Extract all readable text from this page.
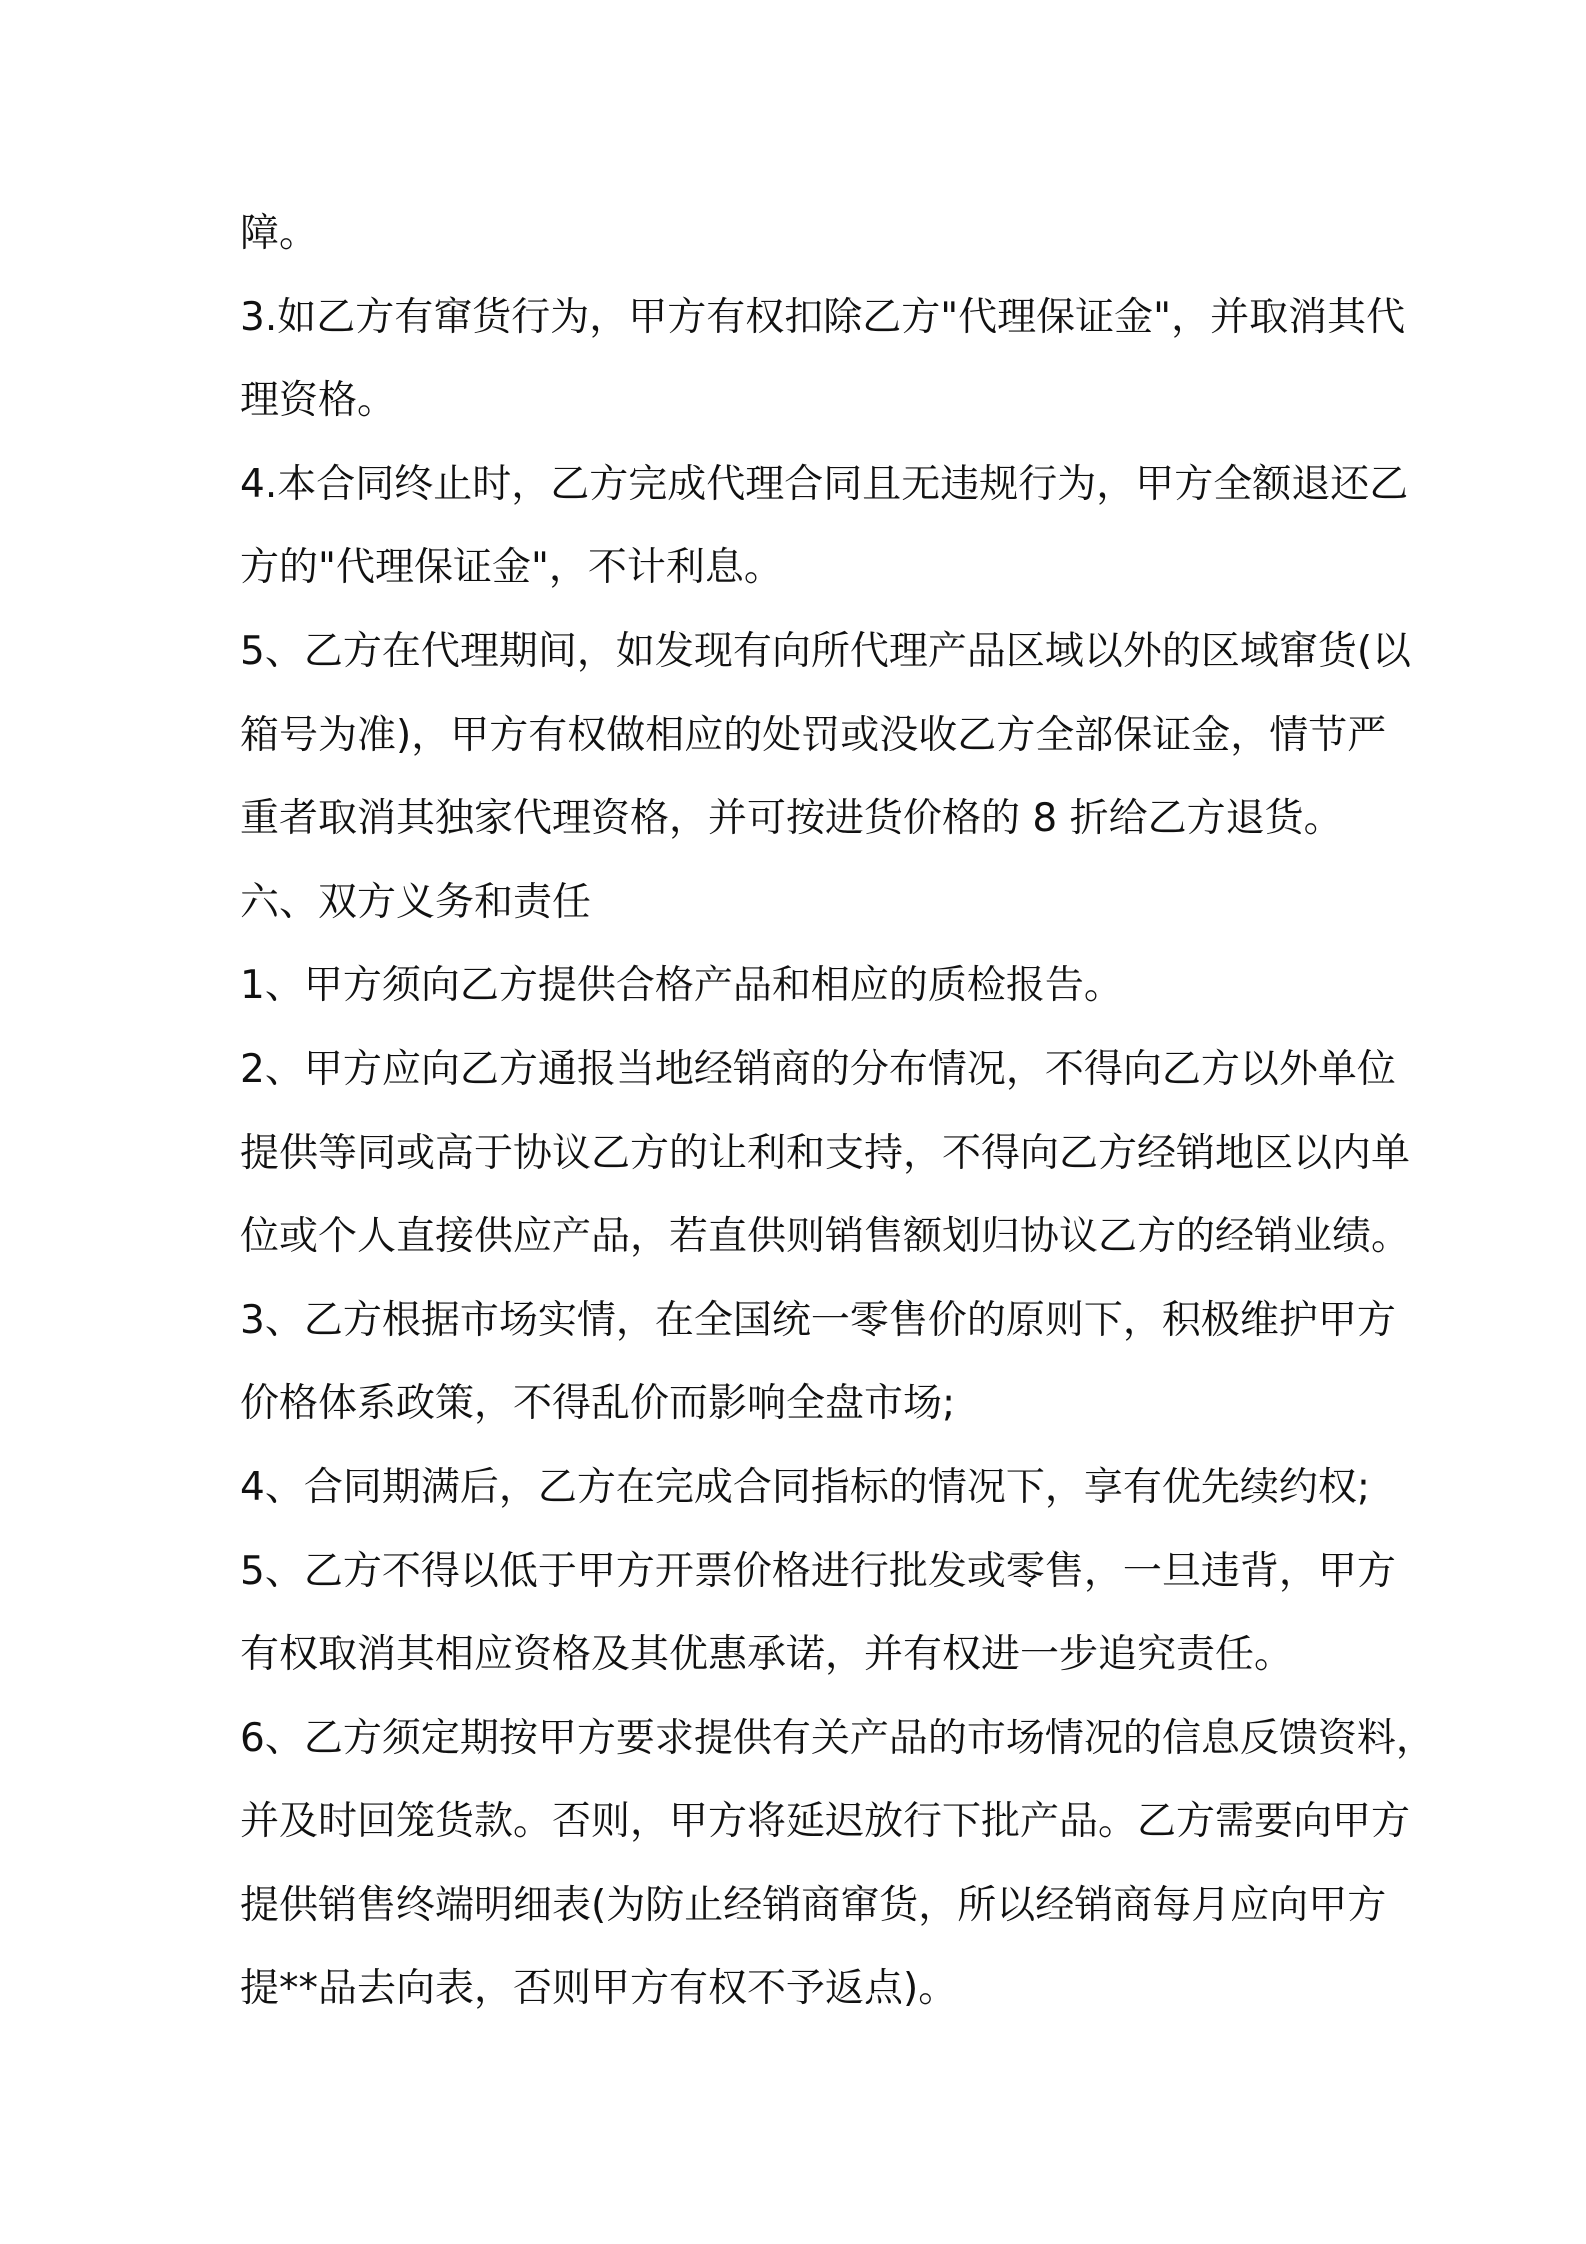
障。
3.如乙方有窜货行为，甲方有权扣除乙方"代理保证金"，并取消其代
理资格。
4.本合同终止时，乙方完成代理合同且无违规行为，甲方全额退还乙
方的"代理保证金"，不计利息。
5、乙方在代理期间，如发现有向所代理产品区域以外的区域窜货(以
箱号为准)，甲方有权做相应的处罚或没收乙方全部保证金，情节严
重者取消其独家代理资格，并可按进货价格的 8 折给乙方退货。
六、双方义务和责任
1、甲方须向乙方提供合格产品和相应的质检报告。
2、甲方应向乙方通报当地经销商的分布情况，不得向乙方以外单位
提供等同或高于协议乙方的让利和支持，不得向乙方经销地区以内单
位或个人直接供应产品，若直供则销售额划归协议乙方的经销业绩。
3、乙方根据市场实情，在全国统一零售价的原则下，积极维护甲方
价格体系政策，不得乱价而影响全盘市场;
4、合同期满后，乙方在完成合同指标的情况下，享有优先续约权;
5、乙方不得以低于甲方开票价格进行批发或零售，一旦违背，甲方
有权取消其相应资格及其优惠承诺，并有权进一步追究责任。
6、乙方须定期按甲方要求提供有关产品的市场情况的信息反馈资料，
并及时回笼货款。否则，甲方将延迟放行下批产品。乙方需要向甲方
提供销售终端明细表(为防止经销商窜货，所以经销商每月应向甲方
提**品去向表，否则甲方有权不予返点)。
